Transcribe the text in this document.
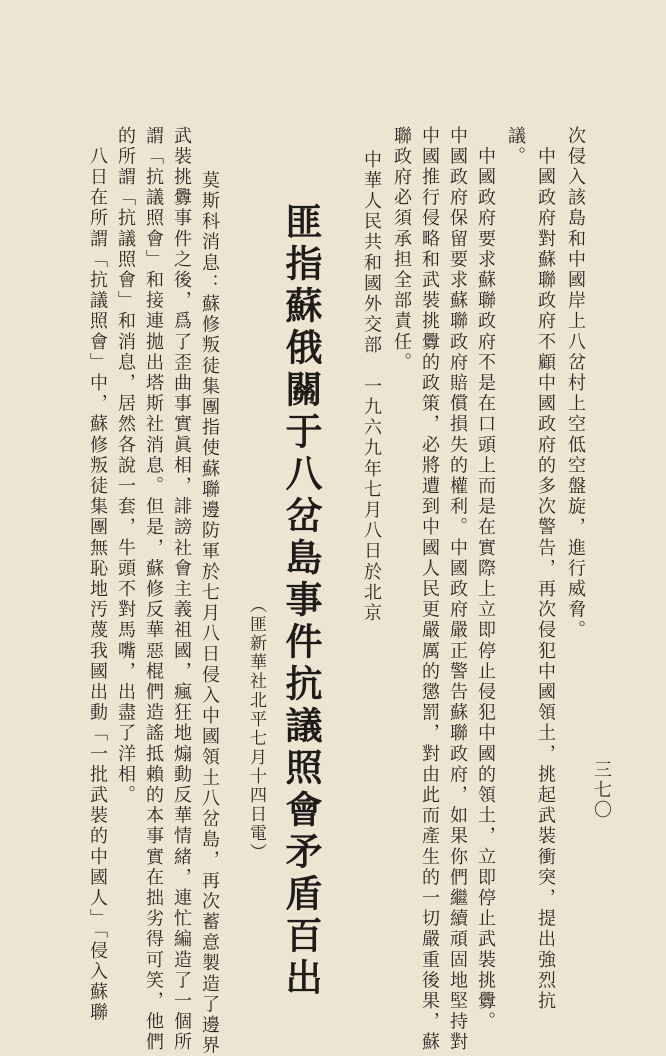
三七〇
次侵入該島和中國岸上八岔村上空低空盤旋，進行威脅。
　中國政府對蘇聯政府不顧中國政府的多次警告，再次侵犯中國領土，挑起武裝衝突，提出強烈抗
議。
　中國政府要求蘇聯政府不是在口頭上而是在實際上立即停止侵犯中國的領土，立即停止武裝挑釁。
中國政府保留要求蘇聯政府賠償損失的權利。中國政府嚴正警告蘇聯政府，如果你們繼續頑固地堅持對
中國推行侵略和武裝挑釁的政策，必將遭到中國人民更嚴厲的懲罰，對由此而產生的一切嚴重後果，蘇
聯政府必須承担全部責任。
中華人民共和國外交部　一九六九年七月八日於北京
匪指蘇俄關于八岔島事件抗議照會矛盾百出
（匪新華社北平七月十四日電）
　莫斯科消息：蘇修叛徒集團指使蘇聯邊防軍於七月八日侵入中國領土八岔島，再次蓄意製造了邊界
武裝挑釁事件之後，爲了歪曲事實眞相，誹謗社會主義祖國，瘋狂地煽動反華情緒，連忙編造了一個所
謂「抗議照會」和接連拋出塔斯社消息。但是，蘇修反華惡棍們造謠抵賴的本事實在拙劣得可笑，他們
的所謂「抗議照會」和消息，居然各說一套，牛頭不對馬嘴，出盡了洋相。
　八日在所謂「抗議照會」中，蘇修叛徒集團無恥地汚蔑我國出動「一批武裝的中國人」「侵入蘇聯
